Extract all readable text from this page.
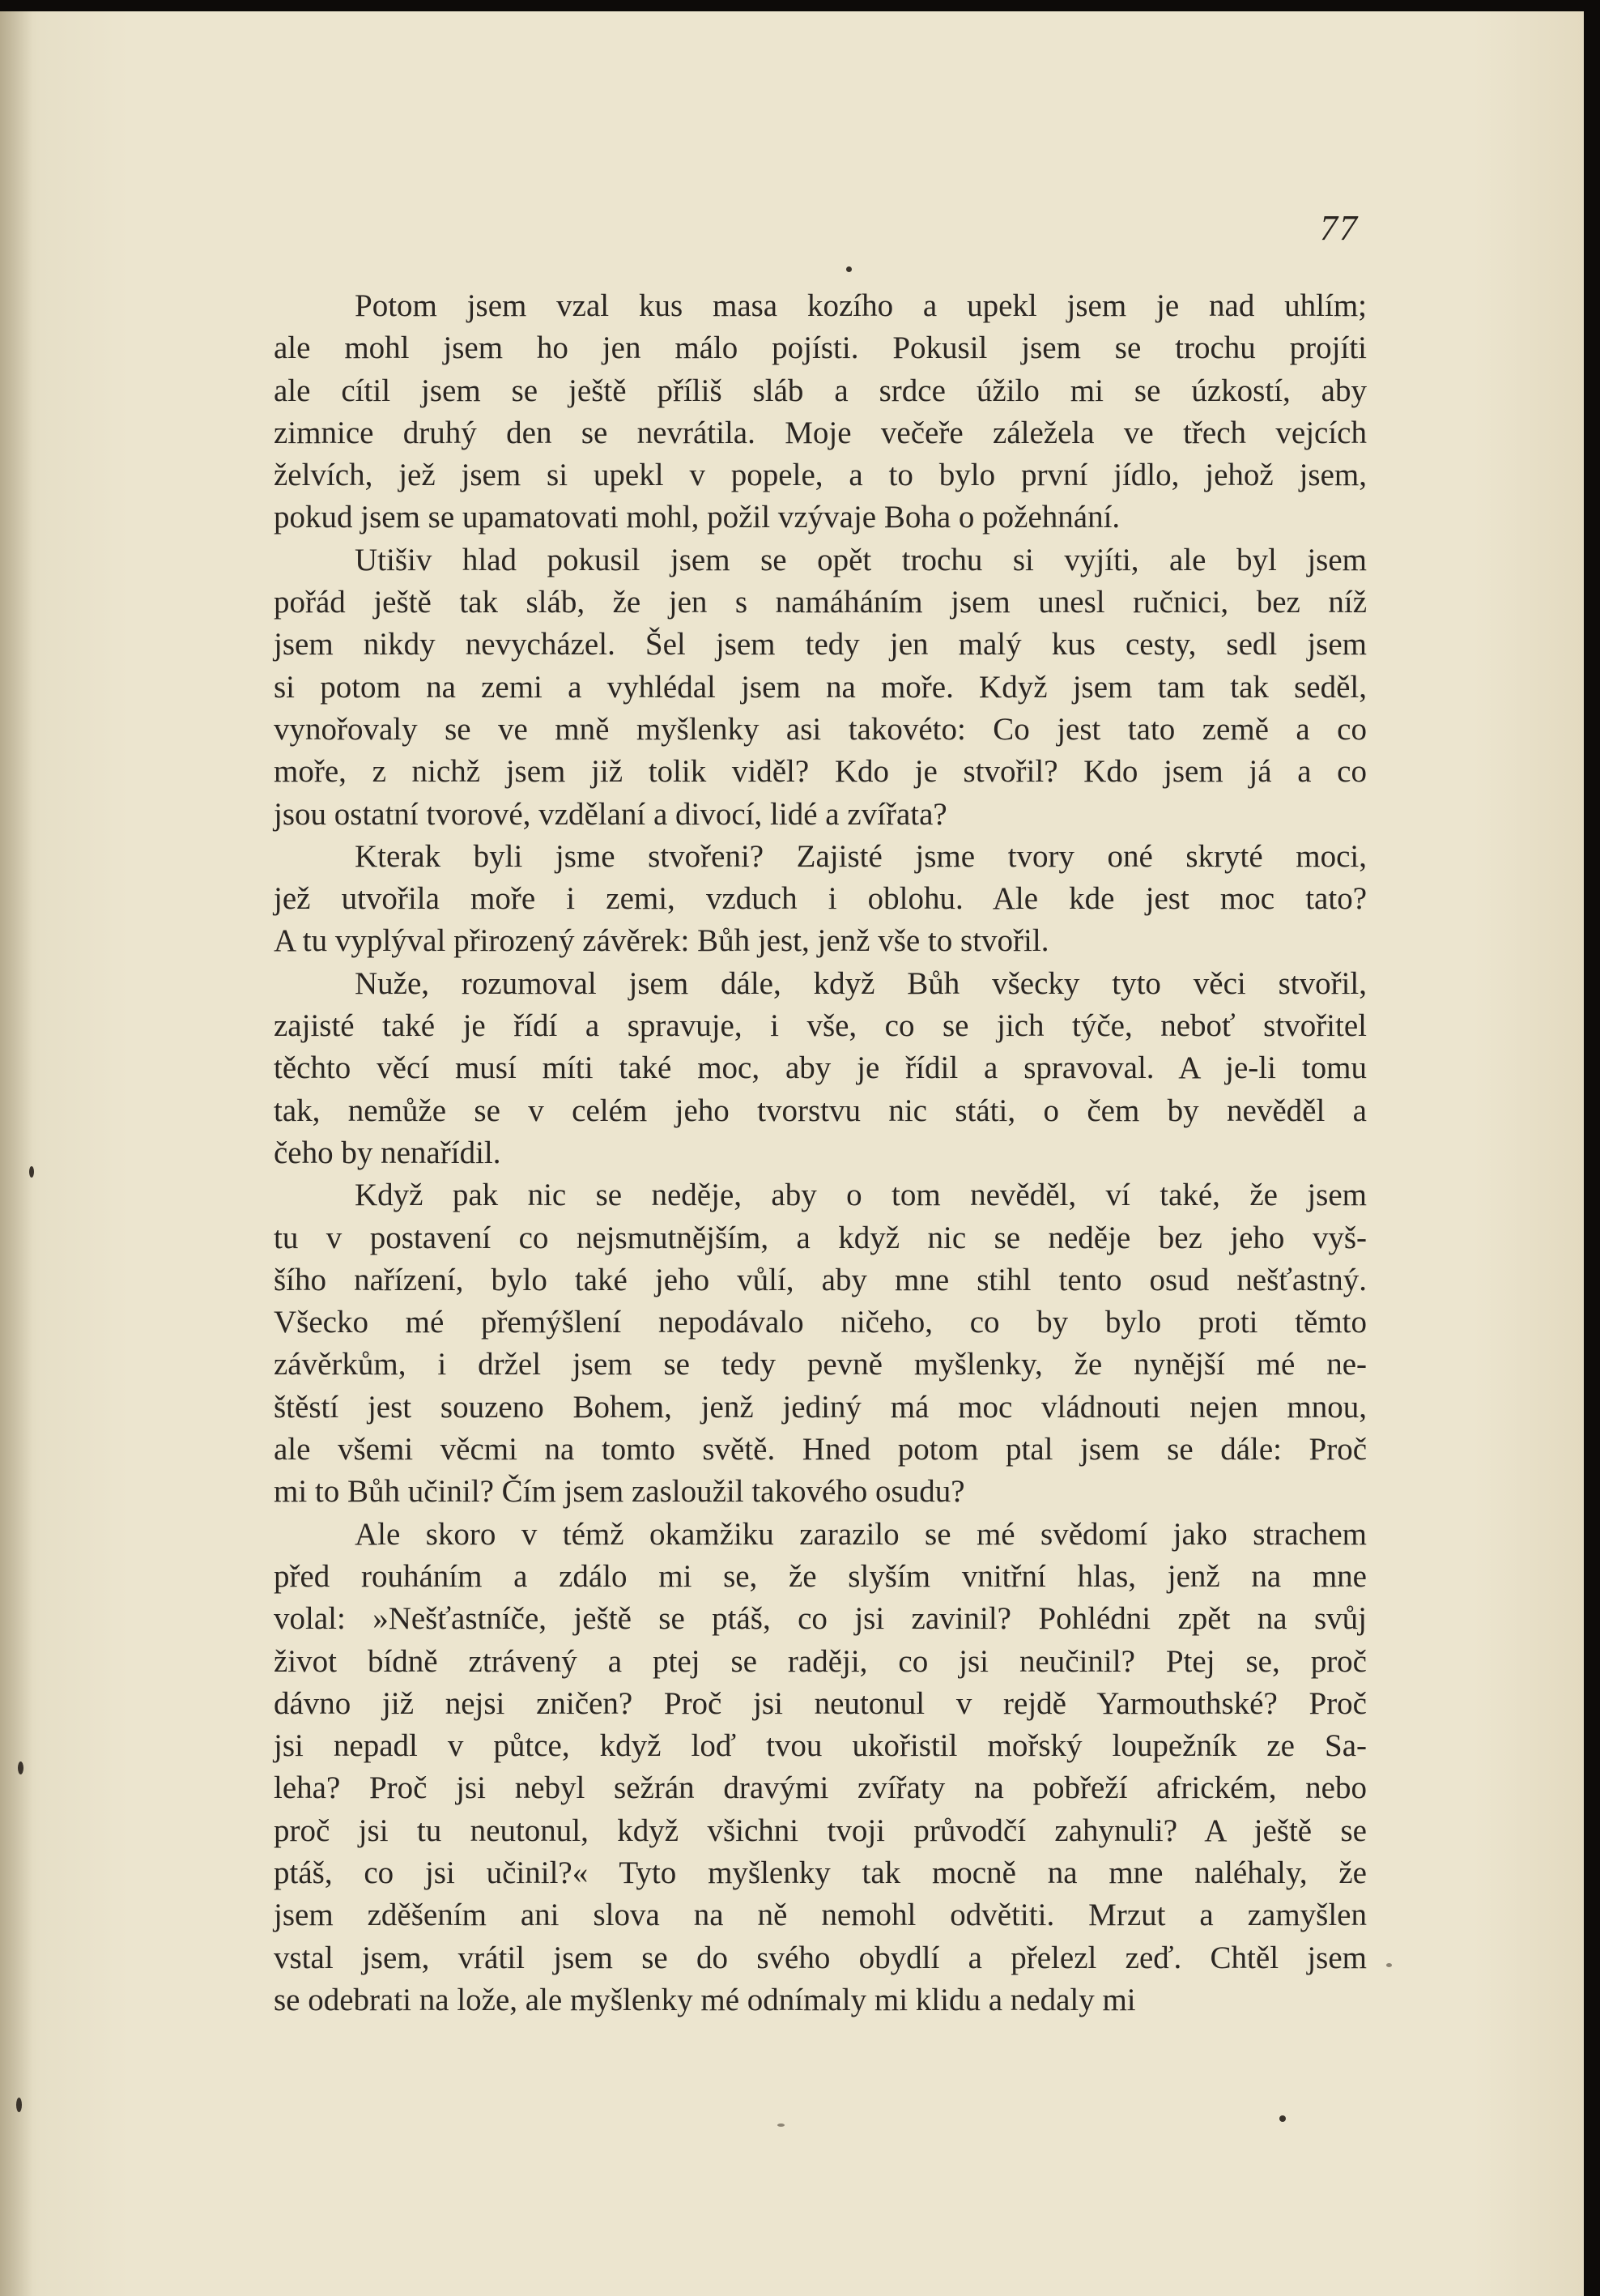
77
Potom jsem vzal kus masa kozího a upekl jsem je nad uhlím;
ale mohl jsem ho jen málo pojísti. Pokusil jsem se trochu projíti
ale cítil jsem se ještě příliš sláb a srdce úžilo mi se úzkostí, aby
zimnice druhý den se nevrátila. Moje večeře záležela ve třech vejcích
želvích, jež jsem si upekl v popele, a to bylo první jídlo, jehož jsem,
pokud jsem se upamatovati mohl, požil vzývaje Boha o požehnání.
Utišiv hlad pokusil jsem se opět trochu si vyjíti, ale byl jsem
pořád ještě tak sláb, že jen s namáháním jsem unesl ručnici, bez níž
jsem nikdy nevycházel. Šel jsem tedy jen malý kus cesty, sedl jsem
si potom na zemi a vyhlédal jsem na moře. Když jsem tam tak seděl,
vynořovaly se ve mně myšlenky asi takovéto: Co jest tato země a co
moře, z nichž jsem již tolik viděl? Kdo je stvořil? Kdo jsem já a co
jsou ostatní tvorové, vzdělaní a divocí, lidé a zvířata?
Kterak byli jsme stvořeni? Zajisté jsme tvory oné skryté moci,
jež utvořila moře i zemi, vzduch i oblohu. Ale kde jest moc tato?
A tu vyplýval přirozený závěrek: Bůh jest, jenž vše to stvořil.
Nuže, rozumoval jsem dále, když Bůh všecky tyto věci stvořil,
zajisté také je řídí a spravuje, i vše, co se jich týče, neboť stvořitel
těchto věcí musí míti také moc, aby je řídil a spravoval. A je-li tomu
tak, nemůže se v celém jeho tvorstvu nic státi, o čem by nevěděl a
čeho by nenařídil.
Když pak nic se neděje, aby o tom nevěděl, ví také, že jsem
tu v postavení co nejsmutnějším, a když nic se neděje bez jeho vyš-
šího nařízení, bylo také jeho vůlí, aby mne stihl tento osud nešťastný.
Všecko mé přemýšlení nepodávalo ničeho, co by bylo proti těmto
závěrkům, i držel jsem se tedy pevně myšlenky, že nynější mé ne-
štěstí jest souzeno Bohem, jenž jediný má moc vládnouti nejen mnou,
ale všemi věcmi na tomto světě. Hned potom ptal jsem se dále: Proč
mi to Bůh učinil? Čím jsem zasloužil takového osudu?
Ale skoro v témž okamžiku zarazilo se mé svědomí jako strachem
před rouháním a zdálo mi se, že slyším vnitřní hlas, jenž na mne
volal: »Nešťastníče, ještě se ptáš, co jsi zavinil? Pohlédni zpět na svůj
život bídně ztrávený a ptej se raději, co jsi neučinil? Ptej se, proč
dávno již nejsi zničen? Proč jsi neutonul v rejdě Yarmouthské? Proč
jsi nepadl v půtce, když loď tvou ukořistil mořský loupežník ze Sa-
leha? Proč jsi nebyl sežrán dravými zvířaty na pobřeží africkém, nebo
proč jsi tu neutonul, když všichni tvoji průvodčí zahynuli? A ještě se
ptáš, co jsi učinil?« Tyto myšlenky tak mocně na mne naléhaly, že
jsem zděšením ani slova na ně nemohl odvětiti. Mrzut a zamyšlen
vstal jsem, vrátil jsem se do svého obydlí a přelezl zeď. Chtěl jsem
se odebrati na lože, ale myšlenky mé odnímaly mi klidu a nedaly mi
